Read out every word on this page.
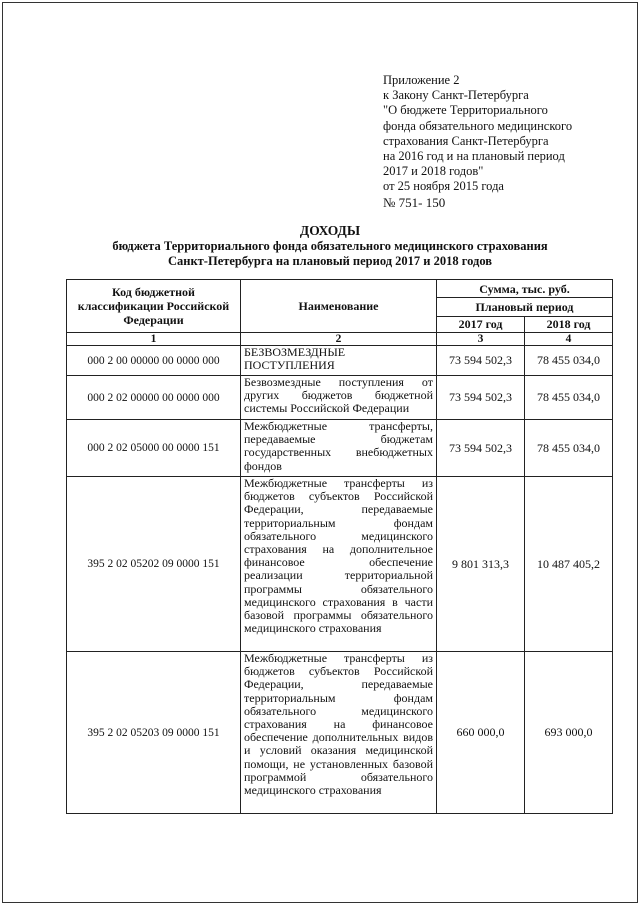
Приложение 2
к Закону Санкт-Петербурга
"О бюджете Территориального
фонда обязательного медицинского
страхования Санкт-Петербурга
на 2016 год и на плановый период
2017 и 2018 годов"
от 25 ноября 2015 года
№ 751- 150
ДОХОДЫ
бюджета Территориального фонда обязательного медицинского страхования
Санкт-Петербурга на плановый период 2017 и 2018 годов
Код бюджетной классификации Российской Федерации	Наименование	Сумма, тыс. руб.	
		Плановый период	
		2017 год	2018 год
1	2	3	4
000 2 00 00000 00 0000 000	БЕЗВОЗМЕЗДНЫЕ ПОСТУПЛЕНИЯ	73 594 502,3	78 455 034,0
000 2 02 00000 00 0000 000	Безвозмездные поступления от других бюджетов бюджетной системы Российской Федерации	73 594 502,3	78 455 034,0
000 2 02 05000 00 0000 151	Межбюджетные трансферты, передаваемые бюджетам государственных внебюджетных фондов	73 594 502,3	78 455 034,0
395 2 02 05202 09 0000 151	Межбюджетные трансферты из бюджетов субъектов Российской Федерации, передаваемые территориальным фондам обязательного медицинского страхования на дополнительное финансовое обеспечение реализации территориальной программы обязательного медицинского страхования в части базовой программы обязательного медицинского страхования	9 801 313,3	10 487 405,2
395 2 02 05203 09 0000 151	Межбюджетные трансферты из бюджетов субъектов Российской Федерации, передаваемые территориальным фондам обязательного медицинского страхования на финансовое обеспечение дополнительных видов и условий оказания медицинской помощи, не установленных базовой программой обязательного медицинского страхования	660 000,0	693 000,0
